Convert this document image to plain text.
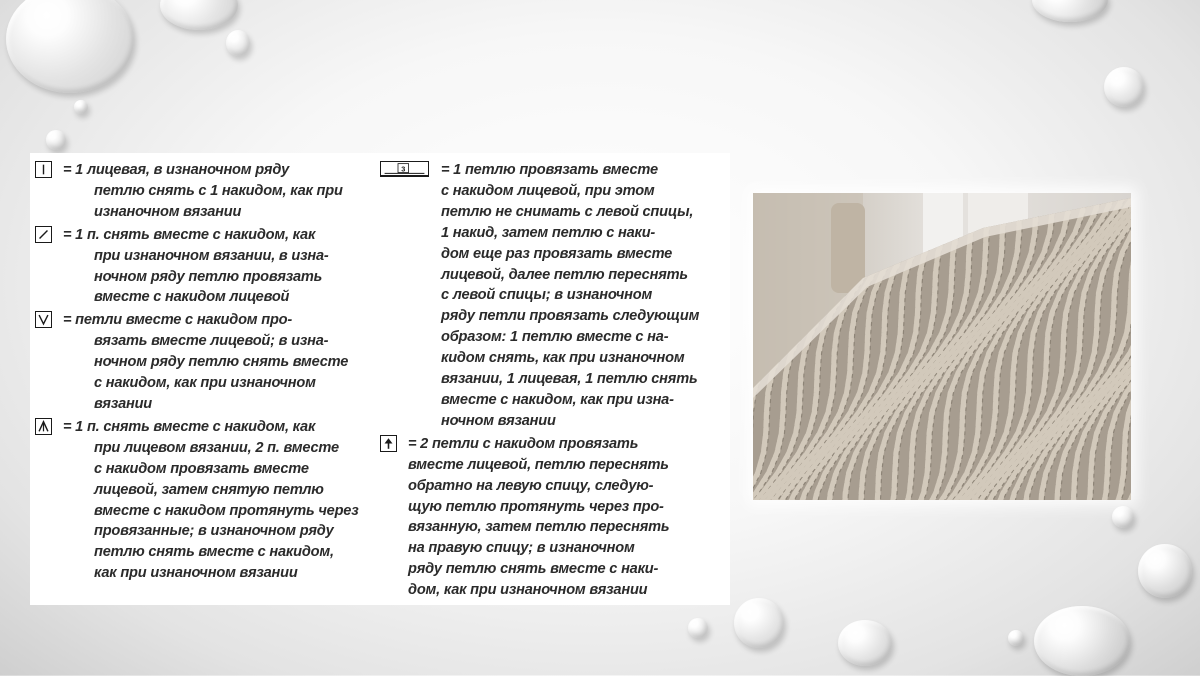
= 1 лицевая, в изнаночном ряду
петлю снять с 1 накидом, как при
изнаночном вязании

= 1 п. снять вместе с накидом, как
при изнаночном вязании, в изна-
ночном ряду петлю провязать
вместе с накидом лицевой

= петли вместе с накидом про-
вязать вместе лицевой; в изна-
ночном ряду петлю снять вместе
с накидом, как при изнаночном
вязании

= 1 п. снять вместе с накидом, как
при лицевом вязании, 2 п. вместе
с накидом провязать вместе
лицевой, затем снятую петлю
вместе с накидом протянуть через
провязанные; в изнаночном ряду
петлю снять вместе с накидом,
как при изнаночном вязании

3	= 1 петлю провязать вместе
с накидом лицевой, при этом
петлю не снимать с левой спицы,
1 накид, затем петлю с наки-
дом еще раз провязать вместе
лицевой, далее петлю переснять
с левой спицы; в изнаночном
ряду петли провязать следующим
образом: 1 петлю вместе с на-
кидом снять, как при изнаночном
вязании, 1 лицевая, 1 петлю снять
вместе с накидом, как при изна-
ночном вязании

= 2 петли с накидом провязать
вместе лицевой, петлю переснять
обратно на левую спицу, следую-
щую петлю протянуть через про-
вязанную, затем петлю переснять
на правую спицу; в изнаночном
ряду петлю снять вместе с наки-
дом, как при изнаночном вязании
